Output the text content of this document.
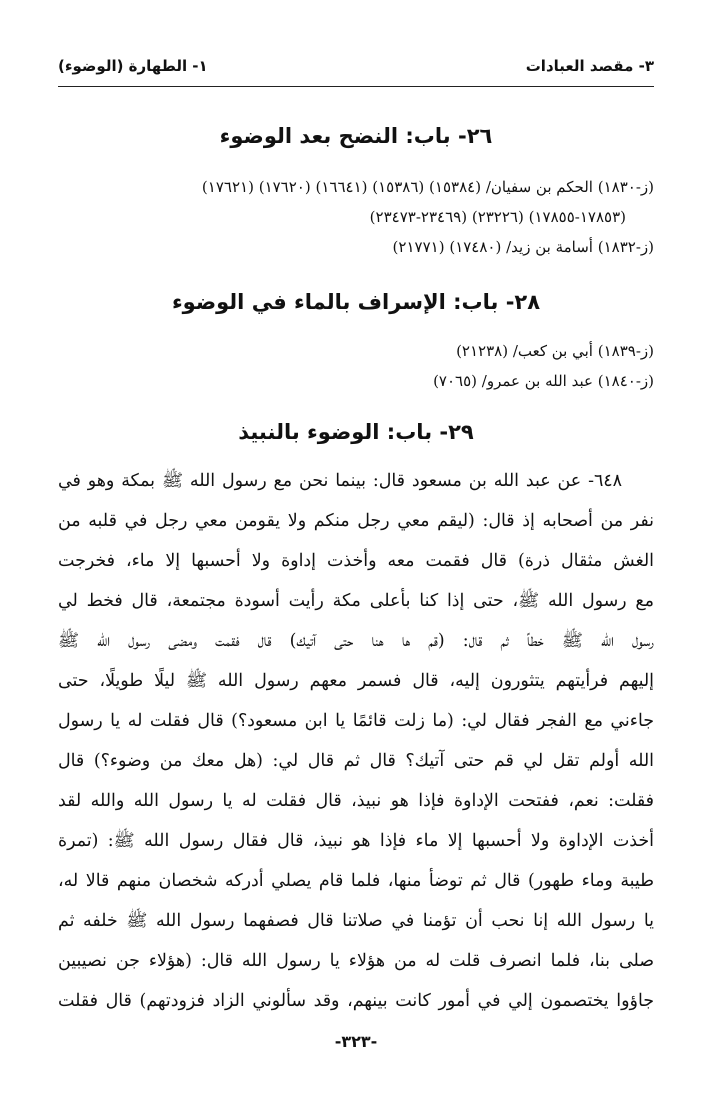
٣- مقصد العبادات
١- الطهارة (الوضوء)
٢٦- باب: النضح بعد الوضوء
(ز-١٨٣٠) الحكم بن سفيان/ (١٥٣٨٤) (١٥٣٨٦) (١٦٦٤١) (١٧٦٢٠) (١٧٦٢١)
(١٧٨٥٣-١٧٨٥٥) (٢٣٢٢٦) (٢٣٤٦٩-٢٣٤٧٣)
(ز-١٨٣٢) أسامة بن زيد/ (١٧٤٨٠) (٢١٧٧١)
٢٨- باب: الإسراف بالماء في الوضوء
(ز-١٨٣٩) أبي بن كعب/ (٢١٢٣٨)
(ز-١٨٤٠) عبد الله بن عمرو/ (٧٠٦٥)
٢٩- باب: الوضوء بالنبيذ
٦٤٨- عن عبد الله بن مسعود قال: بينما نحن مع رسول الله ﷺ بمكة وهو في
نفر من أصحابه إذ قال: (ليقم معي رجل منكم ولا يقومن معي رجل في قلبه من
الغش مثقال ذرة) قال فقمت معه وأخذت إداوة ولا أحسبها إلا ماء، فخرجت
مع رسول الله ﷺ، حتى إذا كنا بأعلى مكة رأيت أسودة مجتمعة، قال فخط لي
رسول الله ﷺ خطاً ثم قال: (قم ها هنا حتى آتيك) قال فقمت ومضى رسول الله ﷺ
إليهم فرأيتهم يتثورون إليه، قال فسمر معهم رسول الله ﷺ ليلًا طويلًا، حتى
جاءني مع الفجر فقال لي: (ما زلت قائمًا يا ابن مسعود؟) قال فقلت له يا رسول
الله أولم تقل لي قم حتى آتيك؟ قال ثم قال لي: (هل معك من وضوء؟) قال
فقلت: نعم، ففتحت الإداوة فإذا هو نبيذ، قال فقلت له يا رسول الله والله لقد
أخذت الإداوة ولا أحسبها إلا ماء فإذا هو نبيذ، قال فقال رسول الله ﷺ: (تمرة
طيبة وماء طهور) قال ثم توضأ منها، فلما قام يصلي أدركه شخصان منهم قالا له،
يا رسول الله إنا نحب أن تؤمنا في صلاتنا قال فصفهما رسول الله ﷺ خلفه ثم
صلى بنا، فلما انصرف قلت له من هؤلاء يا رسول الله قال: (هؤلاء جن نصيبين
جاؤوا يختصمون إلي في أمور كانت بينهم، وقد سألوني الزاد فزودتهم) قال فقلت
-٣٢٣-
